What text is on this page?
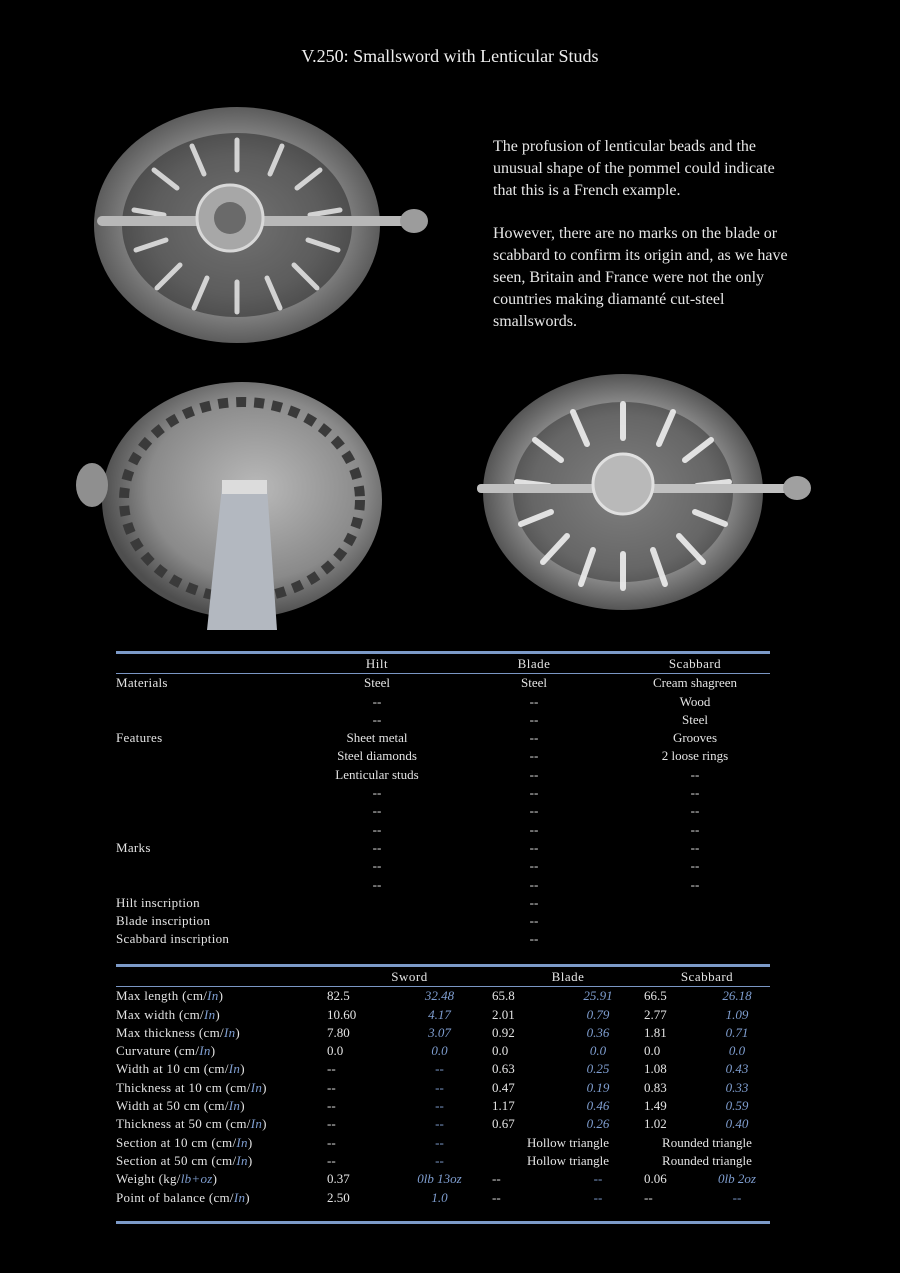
V.250: Smallsword with Lenticular Studs

The profusion of lenticular beads and the unusual shape of the pommel could indicate that this is a French example.

However, there are no marks on the blade or scabbard to confirm its origin and, as we have seen, Britain and France were not the only countries making diamanté cut-steel smallswords.

	Hilt	Blade	Scabbard
Materials	Steel	Steel	Cream shagreen
	--	--	Wood
	--	--	Steel
Features	Sheet metal	--	Grooves
	Steel diamonds	--	2 loose rings
	Lenticular studs	--	--
	--	--	--
	--	--	--
	--	--	--
Marks	--	--	--
	--	--	--
	--	--	--
Hilt inscription		--	
Blade inscription		--	
Scabbard inscription		--	
	Sword		Blade		Scabbard	
Max length (cm/In)	82.5	32.48	65.8	25.91	66.5	26.18
Max width (cm/In)	10.60	4.17	2.01	0.79	2.77	1.09
Max thickness (cm/In)	7.80	3.07	0.92	0.36	1.81	0.71
Curvature (cm/In)	0.0	0.0	0.0	0.0	0.0	0.0
Width at 10 cm (cm/In)	--	--	0.63	0.25	1.08	0.43
Thickness at 10 cm (cm/In)	--	--	0.47	0.19	0.83	0.33
Width at 50 cm (cm/In)	--	--	1.17	0.46	1.49	0.59
Thickness at 50 cm (cm/In)	--	--	0.67	0.26	1.02	0.40
Section at 10 cm (cm/In)	--	--	Hollow triangle		Rounded triangle	
Section at 50 cm (cm/In)	--	--	Hollow triangle		Rounded triangle	
Weight (kg/lb+oz)	0.37	0lb 13oz	--	--	0.06	0lb 2oz
Point of balance (cm/In)	2.50	1.0	--	--	--	--
